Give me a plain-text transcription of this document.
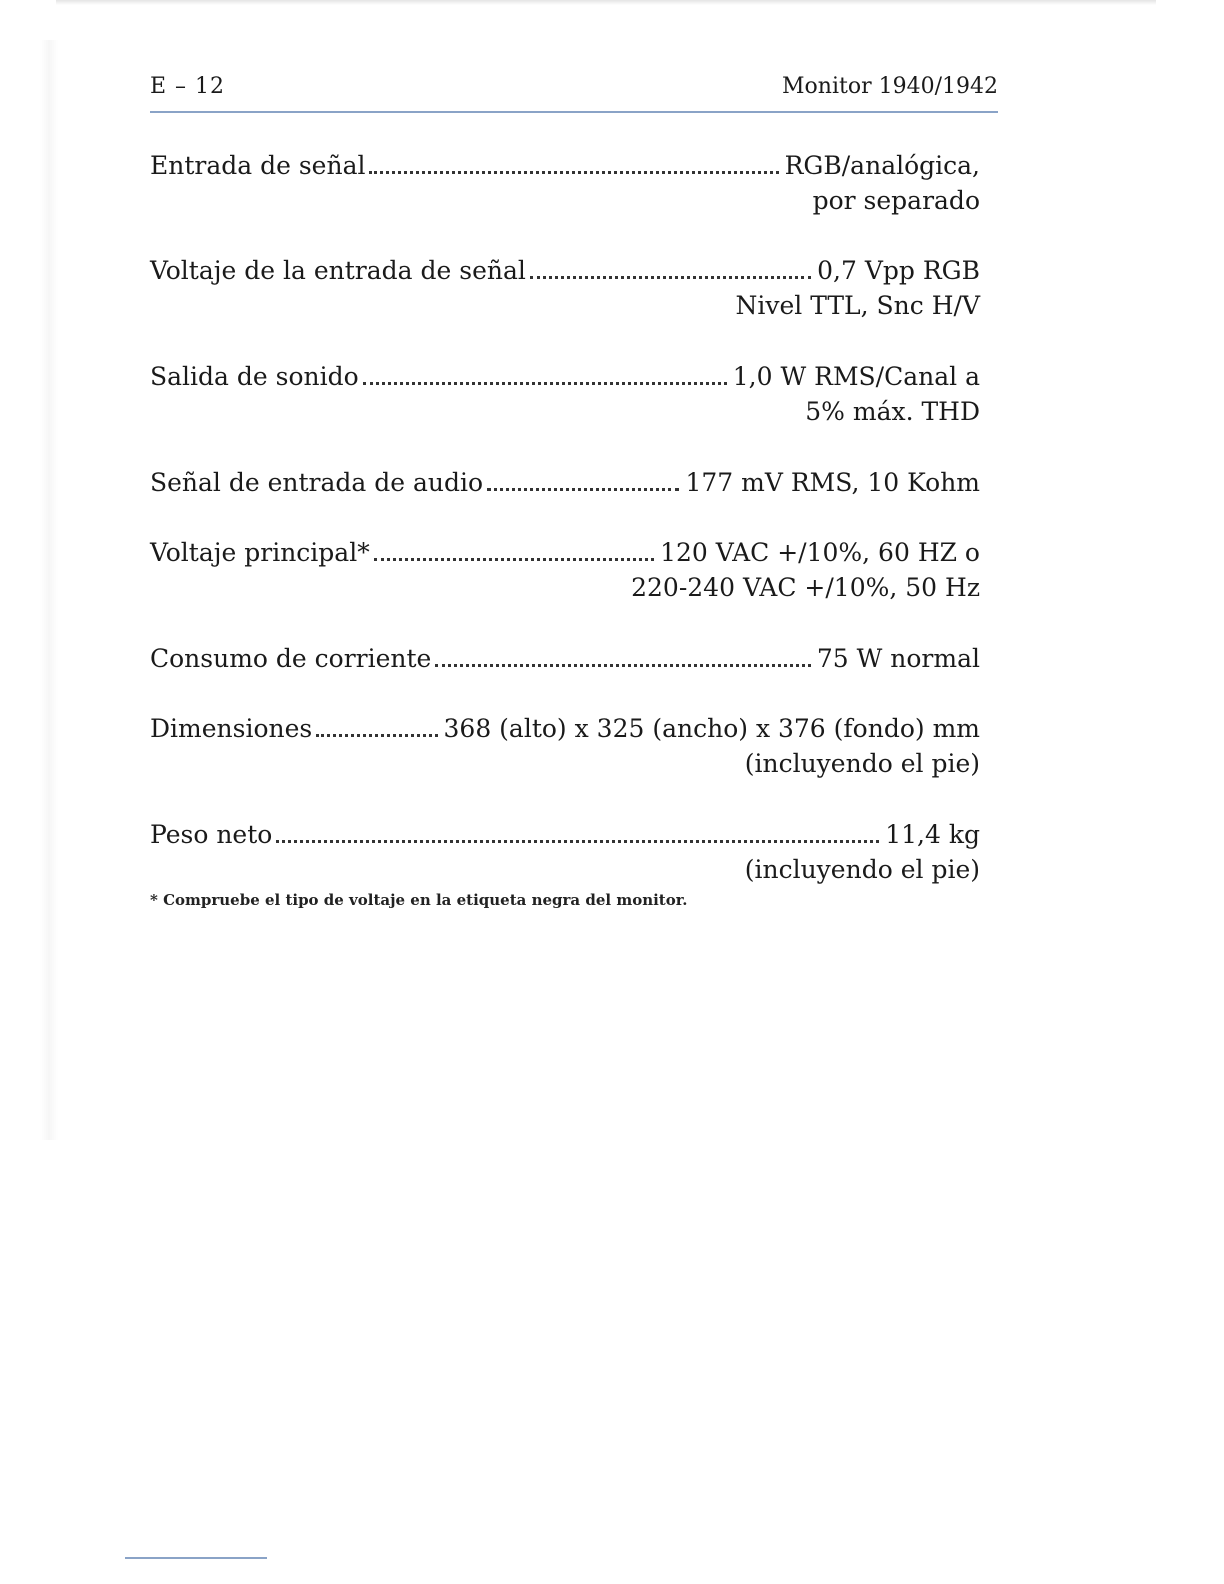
E – 12	Monitor 1940/1942
Entrada de señal	RGB/analógica,
por separado
Voltaje de la entrada de señal	0,7 Vpp RGB
Nivel TTL, Snc H/V
Salida de sonido	1,0 W RMS/Canal a
5% máx. THD
Señal de entrada de audio	177 mV RMS, 10 Kohm
Voltaje principal*	120 VAC +/10%, 60 HZ o
220-240 VAC +/10%, 50 Hz
Consumo de corriente	75 W normal
Dimensiones	368 (alto) x 325 (ancho) x 376 (fondo) mm
(incluyendo el pie)
Peso neto	11,4 kg
(incluyendo el pie)
* Compruebe el tipo de voltaje en la etiqueta negra del monitor.
